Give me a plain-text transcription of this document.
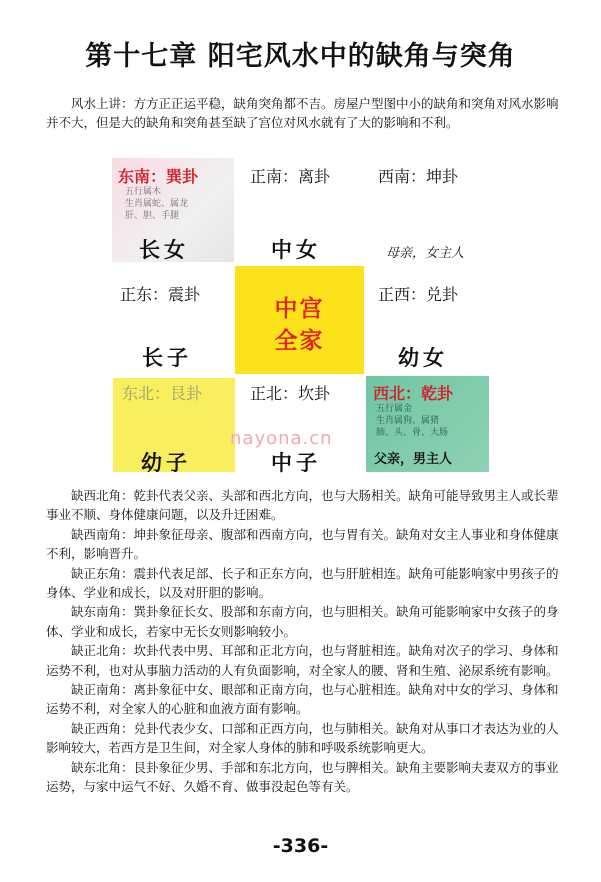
第十七章 阳宅风水中的缺角与突角
风水上讲：方方正正运平稳，缺角突角都不吉。房屋户型图中小的缺角和突角对风水影响并不大，但是大的缺角和突角甚至缺了宫位对风水就有了大的影响和不利。
东南：巽卦
五行属木
生肖属蛇、属龙
肝、胆、手腿
长女
正南：离卦
中女
西南：坤卦
母亲，女主人
正东：震卦
长子
中宫
全家
正西：兑卦
幼女
东北：艮卦
幼子
正北：坎卦
中子
西北：乾卦
五行属金
生肖属狗、属猪
肺、头、骨、大肠
父亲，男主人
nayona.cn

缺西北角：乾卦代表父亲、头部和西北方向，也与大肠相关。缺角可能导致男主人或长辈事业不顺、身体健康问题，以及升迁困难。

缺西南角：坤卦象征母亲、腹部和西南方向，也与胃有关。缺角对女主人事业和身体健康不利，影响晋升。

缺正东角：震卦代表足部、长子和正东方向，也与肝脏相连。缺角可能影响家中男孩子的身体、学业和成长，以及对肝胆的影响。

缺东南角：巽卦象征长女、股部和东南方向，也与胆相关。缺角可能影响家中女孩子的身体、学业和成长，若家中无长女则影响较小。

缺正北角：坎卦代表中男、耳部和正北方向，也与肾脏相连。缺角对次子的学习、身体和运势不利，也对从事脑力活动的人有负面影响，对全家人的腰、肾和生殖、泌尿系统有影响。

缺正南角：离卦象征中女、眼部和正南方向，也与心脏相连。缺角对中女的学习、身体和运势不利，对全家人的心脏和血液方面有影响。

缺正西角：兑卦代表少女、口部和正西方向，也与肺相关。缺角对从事口才表达为业的人影响较大，若西方是卫生间，对全家人身体的肺和呼吸系统影响更大。

缺东北角：艮卦象征少男、手部和东北方向，也与脾相关。缺角主要影响夫妻双方的事业运势，与家中运气不好、久婚不育、做事没起色等有关。

-336-
